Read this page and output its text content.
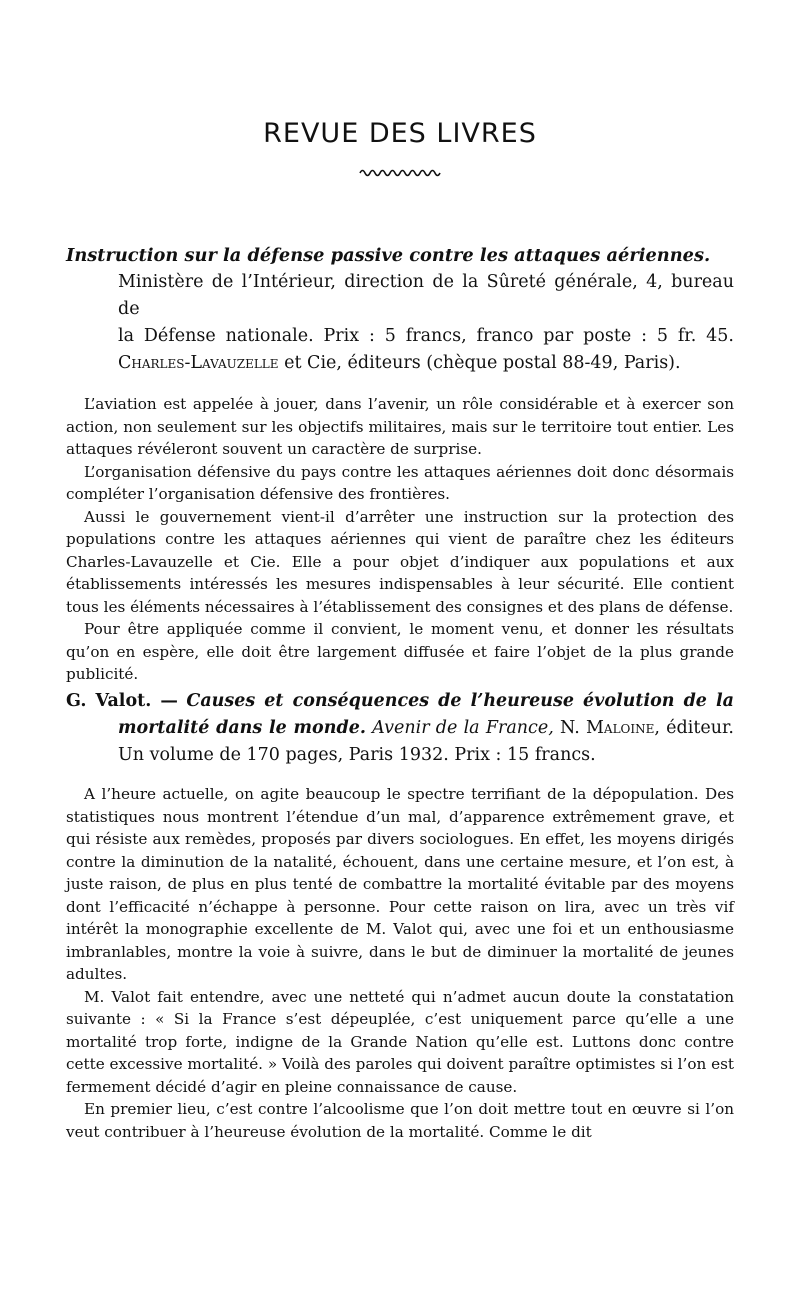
REVUE DES LIVRES
Instruction sur la défense passive contre les attaques aériennes.
Ministère de l’Intérieur, direction de la Sûreté générale, 4, bureau de
la Défense nationale. Prix : 5 francs, franco par poste : 5 fr. 45.
Charles-Lavauzelle et Cie, éditeurs (chèque postal 88-49, Paris).

L’aviation est appelée à jouer, dans l’avenir, un rôle considérable et à exercer son action, non seulement sur les objectifs militaires, mais sur le territoire tout entier. Les attaques révéleront souvent un caractère de surprise.

L’organisation défensive du pays contre les attaques aériennes doit donc désormais compléter l’organisation défensive des frontières.

Aussi le gouvernement vient-il d’arrêter une instruction sur la protection des populations contre les attaques aériennes qui vient de paraître chez les éditeurs Charles-Lavauzelle et Cie. Elle a pour objet d’indiquer aux populations et aux établissements intéressés les mesures indispensables à leur sécurité. Elle contient tous les éléments nécessaires à l’établissement des consignes et des plans de défense.

Pour être appliquée comme il convient, le moment venu, et donner les résultats qu’on en espère, elle doit être largement diffusée et faire l’objet de la plus grande publicité.

G. Valot. — Causes et conséquences de l’heureuse évolution de la
mortalité dans le monde. Avenir de la France, N. Maloine, éditeur.
Un volume de 170 pages, Paris 1932. Prix : 15 francs.

A l’heure actuelle, on agite beaucoup le spectre terrifiant de la dépopulation. Des statistiques nous montrent l’étendue d’un mal, d’apparence extrêmement grave, et qui résiste aux remèdes, proposés par divers sociologues. En effet, les moyens dirigés contre la diminution de la natalité, échouent, dans une certaine mesure, et l’on est, à juste raison, de plus en plus tenté de combattre la mortalité évitable par des moyens dont l’efficacité n’échappe à personne. Pour cette raison on lira, avec un très vif intérêt la monographie excellente de M. Valot qui, avec une foi et un enthousiasme imbranlables, montre la voie à suivre, dans le but de diminuer la mortalité de jeunes adultes.

M. Valot fait entendre, avec une netteté qui n’admet aucun doute la constatation suivante : « Si la France s’est dépeuplée, c’est uniquement parce qu’elle a une mortalité trop forte, indigne de la Grande Nation qu’elle est. Luttons donc contre cette excessive mortalité. » Voilà des paroles qui doivent paraître optimistes si l’on est fermement décidé d’agir en pleine connaissance de cause.

En premier lieu, c’est contre l’alcoolisme que l’on doit mettre tout en œuvre si l’on veut contribuer à l’heureuse évolution de la mortalité. Comme le dit
